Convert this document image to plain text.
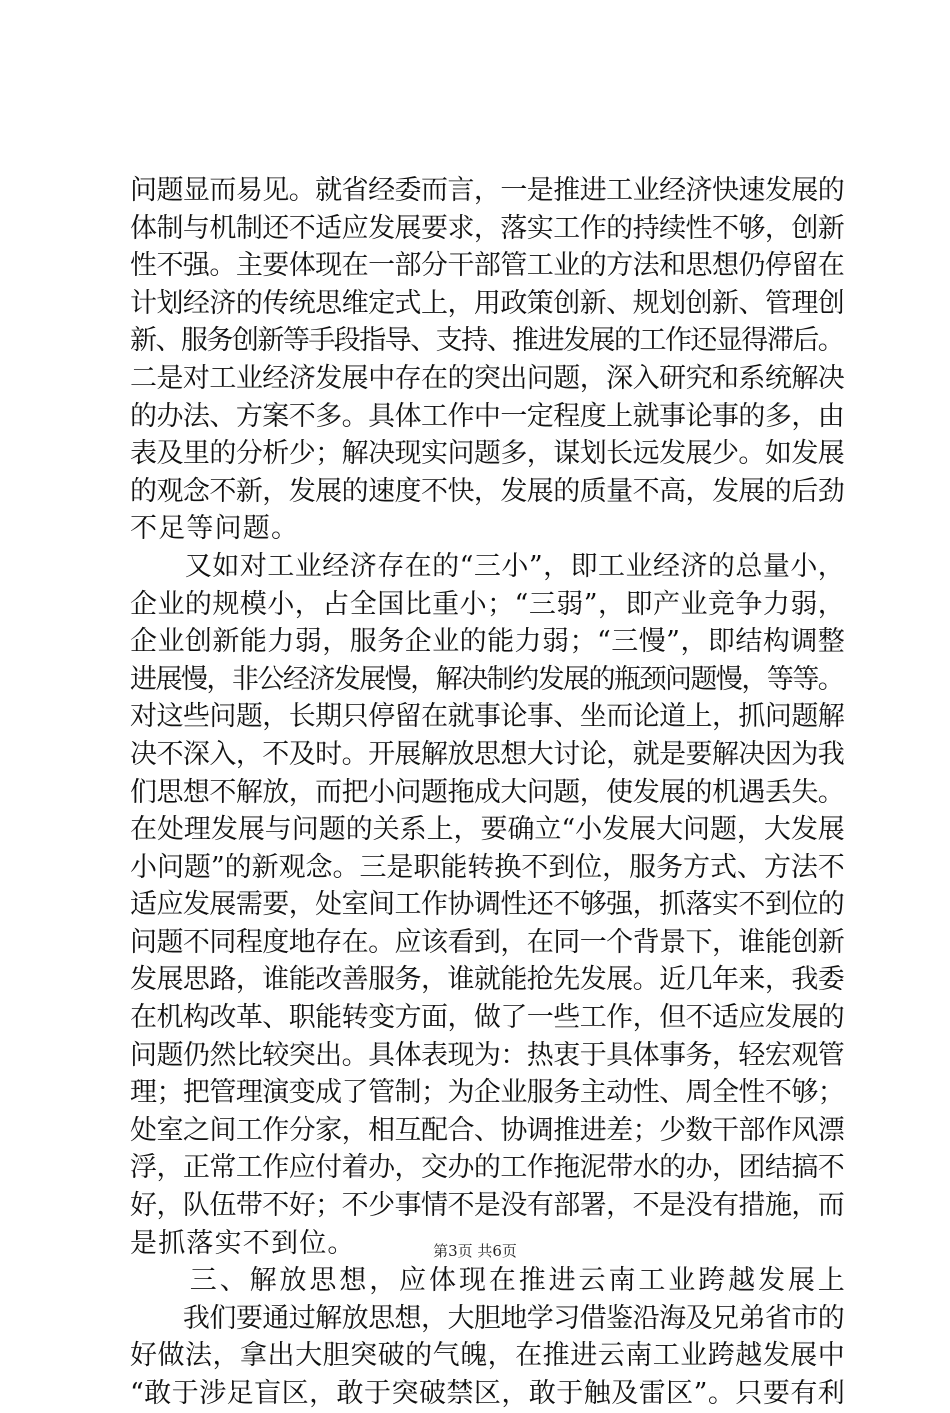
问题显而易见。就省经委而言，一是推进工业经济快速发展的
体制与机制还不适应发展要求，落实工作的持续性不够，创新
性不强。主要体现在一部分干部管工业的方法和思想仍停留在
计划经济的传统思维定式上，用政策创新、规划创新、管理创
新、服务创新等手段指导、支持、推进发展的工作还显得滞后。
二是对工业经济发展中存在的突出问题，深入研究和系统解决
的办法、方案不多。具体工作中一定程度上就事论事的多，由
表及里的分析少；解决现实问题多，谋划长远发展少。如发展
的观念不新，发展的速度不快，发展的质量不高，发展的后劲
不足等问题。
　　又如对工业经济存在的“三小”，即工业经济的总量小，
企业的规模小，占全国比重小；“三弱”，即产业竞争力弱，
企业创新能力弱，服务企业的能力弱；“三慢”，即结构调整
进展慢，非公经济发展慢，解决制约发展的瓶颈问题慢，等等。
对这些问题，长期只停留在就事论事、坐而论道上，抓问题解
决不深入，不及时。开展解放思想大讨论，就是要解决因为我
们思想不解放，而把小问题拖成大问题，使发展的机遇丢失。
在处理发展与问题的关系上，要确立“小发展大问题，大发展
小问题”的新观念。三是职能转换不到位，服务方式、方法不
适应发展需要，处室间工作协调性还不够强，抓落实不到位的
问题不同程度地存在。应该看到，在同一个背景下，谁能创新
发展思路，谁能改善服务，谁就能抢先发展。近几年来，我委
在机构改革、职能转变方面，做了一些工作，但不适应发展的
问题仍然比较突出。具体表现为：热衷于具体事务，轻宏观管
理；把管理演变成了管制；为企业服务主动性、周全性不够；
处室之间工作分家，相互配合、协调推进差；少数干部作风漂
浮，正常工作应付着办，交办的工作拖泥带水的办，团结搞不
好，队伍带不好；不少事情不是没有部署，不是没有措施，而
是抓落实不到位。
　　三、解放思想，应体现在推进云南工业跨越发展上
　　我们要通过解放思想，大胆地学习借鉴沿海及兄弟省市的
好做法，拿出大胆突破的气魄，在推进云南工业跨越发展中
“敢于涉足盲区，敢于突破禁区，敢于触及雷区”。只要有利
第3页 共6页
